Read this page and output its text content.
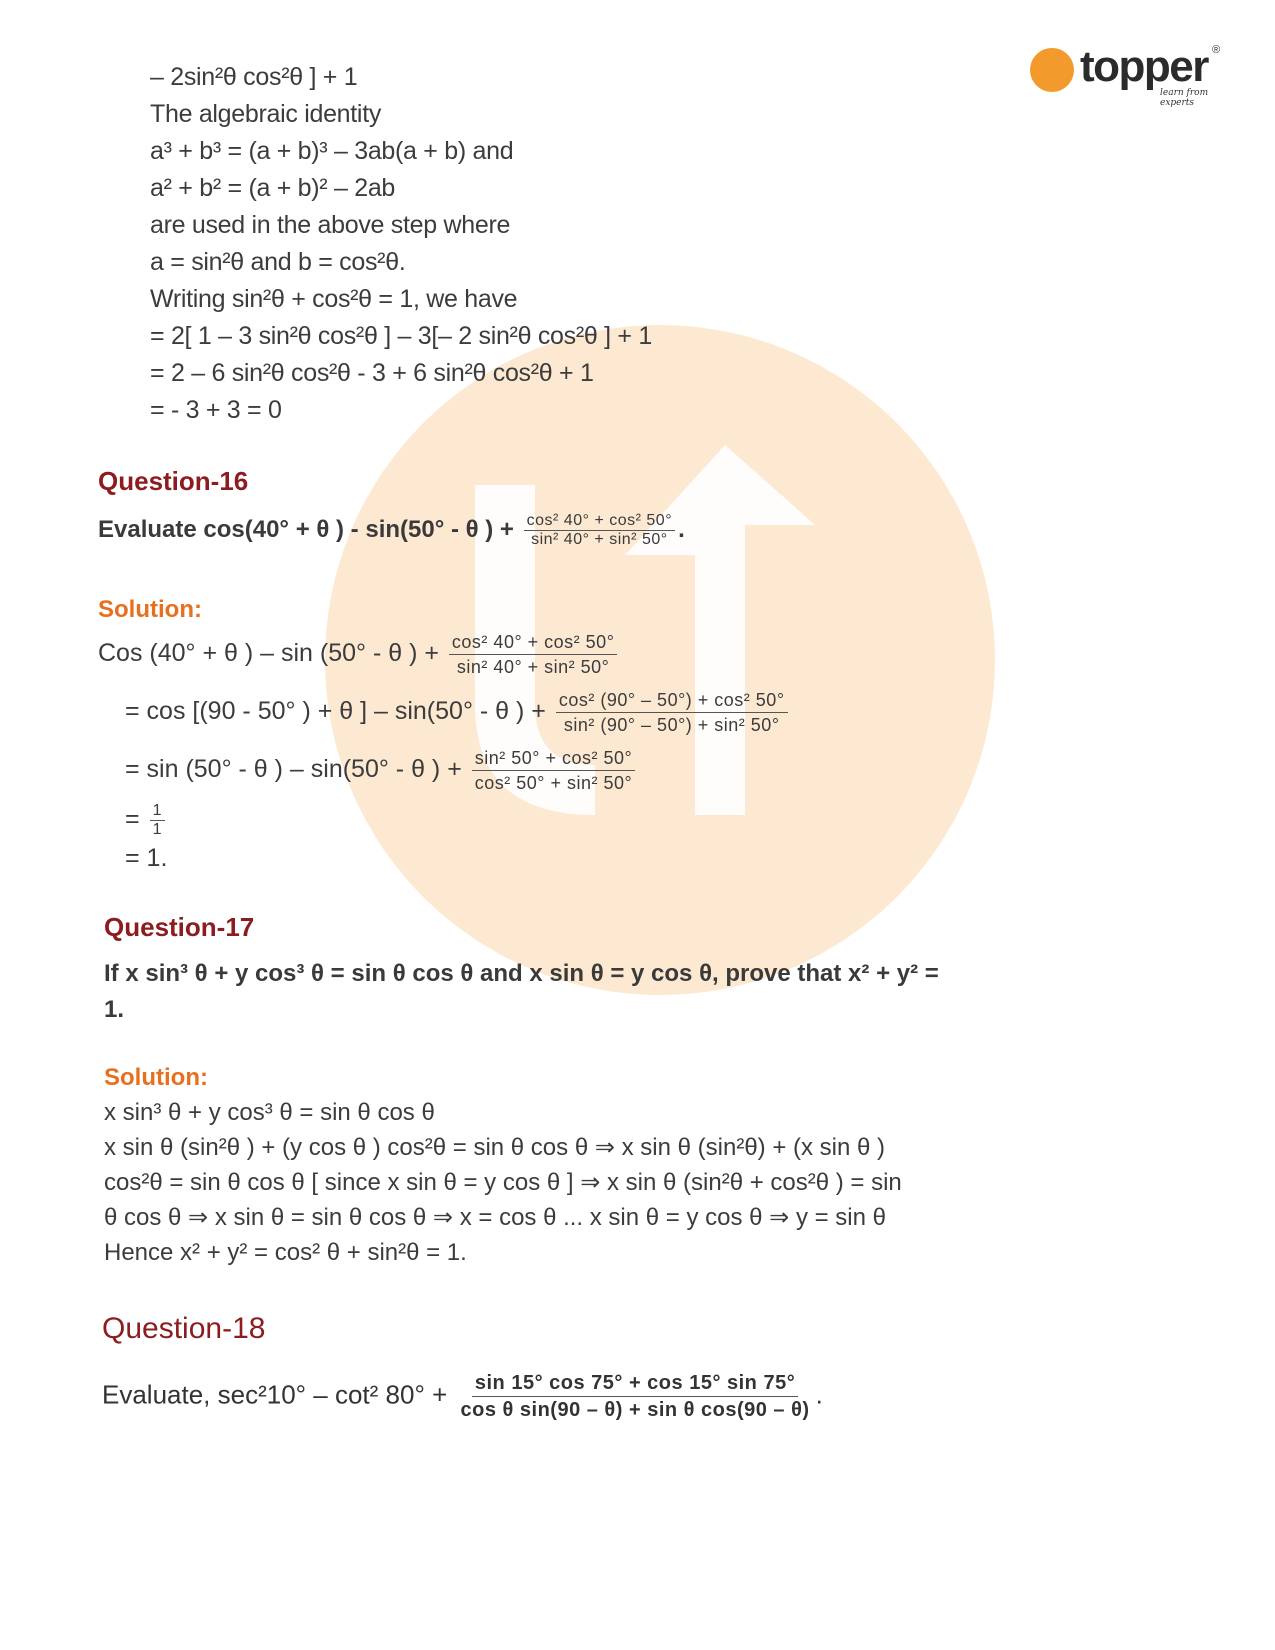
topper ®
learn from experts
– 2sin²θ cos²θ ] + 1
The algebraic identity
a³ + b³ = (a + b)³ – 3ab(a + b) and
a² + b² = (a + b)² – 2ab
are used in the above step where
a = sin²θ and b = cos²θ.
Writing sin²θ + cos²θ = 1, we have
= 2[ 1 – 3 sin²θ cos²θ ] – 3[– 2 sin²θ cos²θ ] + 1
= 2 – 6 sin²θ cos²θ - 3 + 6 sin²θ cos²θ + 1
= - 3 + 3 = 0
Question-16
Evaluate cos(40° + θ ) - sin(50° - θ ) + $\frac{\text{cos² 40° + cos² 50°}}{\text{sin² 40° + sin² 50°}}$ .
Solution:
Cos (40° + θ ) – sin (50° - θ ) + $\frac{\text{cos² 40° + cos² 50°}}{\text{sin² 40° + sin² 50°}}$
= cos [(90 - 50° ) + θ ] – sin(50° - θ ) + $\frac{\text{cos² (90° – 50°) + cos² 50°}}{\text{sin² (90° – 50°) + sin² 50°}}$
= sin (50° - θ ) – sin(50° - θ ) + $\frac{\text{sin² 50° + cos² 50°}}{\text{cos² 50° + sin² 50°}}$
= $\frac{1}{1}$
= 1.
Question-17
If x sin³ θ + y cos³ θ = sin θ cos θ and x sin θ = y cos θ, prove that x² + y² =
1.
Solution:
x sin³ θ + y cos³ θ = sin θ cos θ
x sin θ (sin²θ ) + (y cos θ ) cos²θ = sin θ cos θ ⇒ x sin θ (sin²θ) + (x sin θ )
cos²θ = sin θ cos θ [ since x sin θ = y cos θ ] ⇒ x sin θ (sin²θ + cos²θ ) = sin
θ cos θ ⇒ x sin θ = sin θ cos θ ⇒ x = cos θ ... x sin θ = y cos θ ⇒ y = sin θ
Hence x² + y² = cos² θ + sin²θ = 1.
Question-18
Evaluate, sec²10° – cot² $80^\circ + \frac{\sin 15^\circ \cos 75^\circ + \cos 15^\circ \sin 75^\circ}{\text{cos θ sin(90 – θ) + sin θ cos(90 – θ)}}$ .
